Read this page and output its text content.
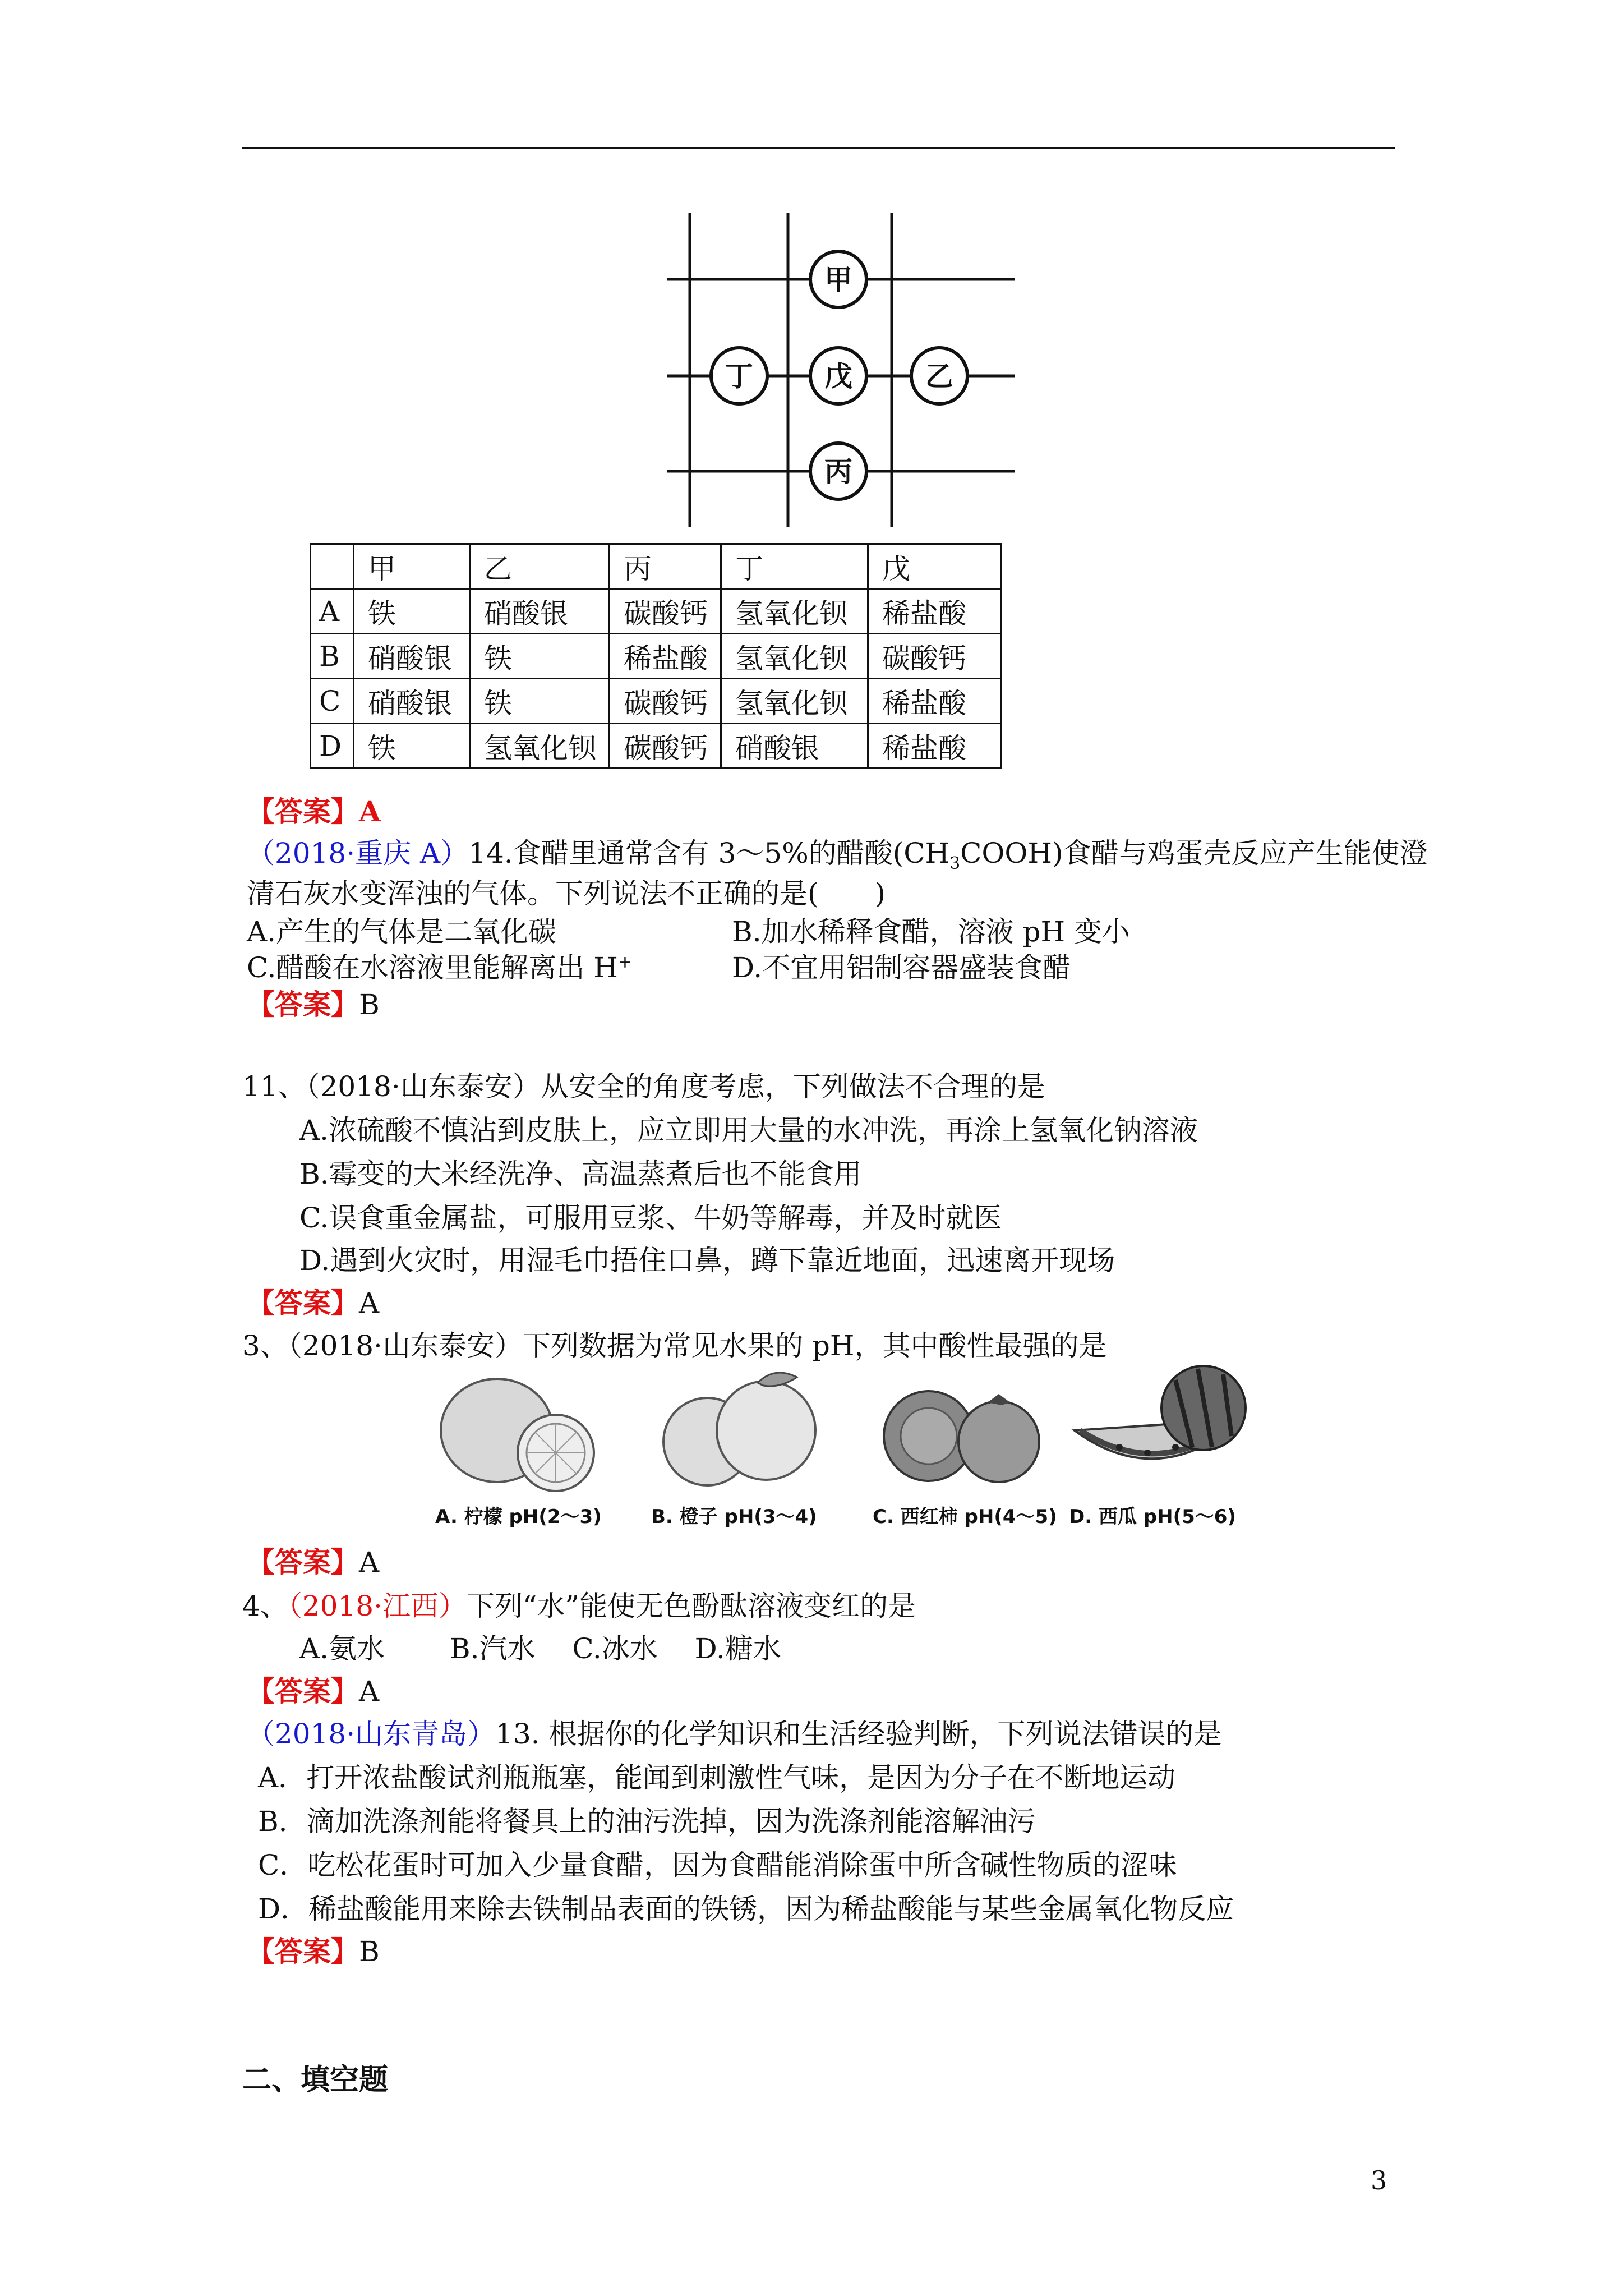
甲
丁	戊	乙
丙
	甲	乙	丙	丁	戊
A	铁	硝酸银	碳酸钙	氢氧化钡	稀盐酸
B	硝酸银	铁	稀盐酸	氢氧化钡	碳酸钙
C	硝酸银	铁	碳酸钙	氢氧化钡	稀盐酸
D	铁	氢氧化钡	碳酸钙	硝酸银	稀盐酸
【答案】A
（2018·重庆 A）14.食醋里通常含有 3～5%的醋酸$(CH_3COOH)$食醋与鸡蛋壳反应产生能使澄
清石灰水变浑浊的气体。下列说法不正确的是(　　)
A.产生的气体是二氧化碳	B.加水稀释食醋，溶液 pH 变小
C.醋酸在水溶液里能解离出 H+	D.不宜用铝制容器盛装食醋
【答案】B
11、（2018·山东泰安）从安全的角度考虑，下列做法不合理的是
A.浓硫酸不慎沾到皮肤上，应立即用大量的水冲洗，再涂上氢氧化钠溶液
B.霉变的大米经洗净、高温蒸煮后也不能食用
C.误食重金属盐，可服用豆浆、牛奶等解毒，并及时就医
D.遇到火灾时，用湿毛巾捂住口鼻，蹲下靠近地面，迅速离开现场
【答案】A
3、（2018·山东泰安）下列数据为常见水果的 pH，其中酸性最强的是
A. 柠檬 pH(2～3)	B. 橙子 pH(3～4)	C. 西红柿 pH(4～5) D. 西瓜 pH(5～6)
【答案】A
4、（2018·江西）下列“水”能使无色酚酞溶液变红的是
A.氨水　　 B.汽水　 C.冰水　 D.糖水
【答案】A
（2018·山东青岛）13. 根据你的化学知识和生活经验判断，下列说法错误的是
A．打开浓盐酸试剂瓶瓶塞，能闻到刺激性气味，是因为分子在不断地运动
B．滴加洗涤剂能将餐具上的油污洗掉，因为洗涤剂能溶解油污
C．吃松花蛋时可加入少量食醋，因为食醋能消除蛋中所含碱性物质的涩味
D．稀盐酸能用来除去铁制品表面的铁锈，因为稀盐酸能与某些金属氧化物反应
【答案】B
二、填空题
3
